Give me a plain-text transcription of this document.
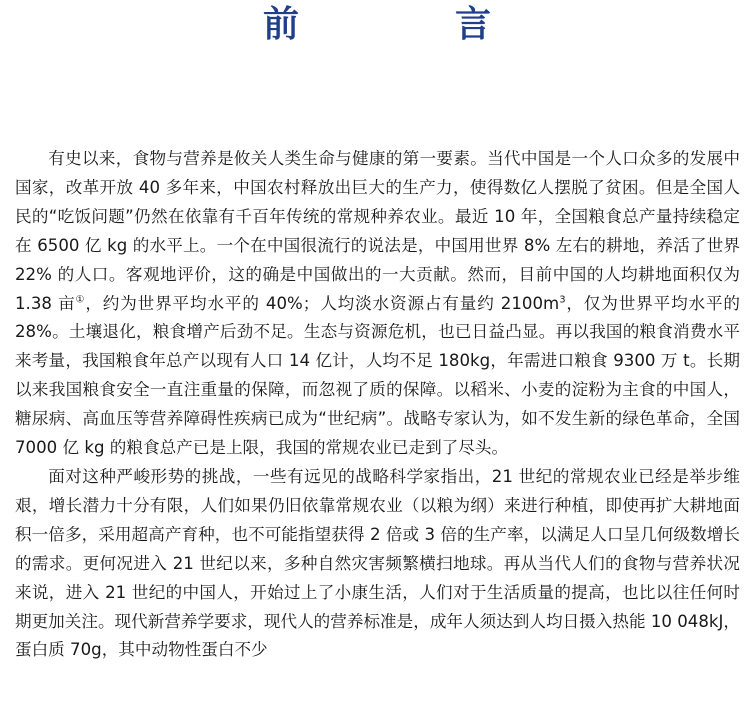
前　言

有史以来，食物与营养是攸关人类生命与健康的第一要素。当代中国是一个人口众多的发展中国家，改革开放 40 多年来，中国农村释放出巨大的生产力，使得数亿人摆脱了贫困。但是全国人民的“吃饭问题”仍然在依靠有千百年传统的常规种养农业。最近 10 年，全国粮食总产量持续稳定在 6500 亿 kg 的水平上。一个在中国很流行的说法是，中国用世界 8% 左右的耕地，养活了世界 22% 的人口。客观地评价，这的确是中国做出的一大贡献。然而，目前中国的人均耕地面积仅为 1.38 亩①，约为世界平均水平的 40%；人均淡水资源占有量约 $2100m^3$，仅为世界平均水平的 28%。土壤退化，粮食增产后劲不足。生态与资源危机，也已日益凸显。再以我国的粮食消费水平来考量，我国粮食年总产以现有人口 14 亿计，人均不足 180kg，年需进口粮食 9300 万 t。长期以来我国粮食安全一直注重量的保障，而忽视了质的保障。以稻米、小麦的淀粉为主食的中国人，糖尿病、高血压等营养障碍性疾病已成为“世纪病”。战略专家认为，如不发生新的绿色革命，全国 7000 亿 kg 的粮食总产已是上限，我国的常规农业已走到了尽头。

面对这种严峻形势的挑战，一些有远见的战略科学家指出，21 世纪的常规农业已经是举步维艰，增长潜力十分有限，人们如果仍旧依靠常规农业（以粮为纲）来进行种植，即使再扩大耕地面积一倍多，采用超高产育种，也不可能指望获得 2 倍或 3 倍的生产率，以满足人口呈几何级数增长的需求。更何况进入 21 世纪以来，多种自然灾害频繁横扫地球。再从当代人们的食物与营养状况来说，进入 21 世纪的中国人，开始过上了小康生活，人们对于生活质量的提高，也比以往任何时期更加关注。现代新营养学要求，现代人的营养标准是，成年人须达到人均日摄入热能 10 048kJ，蛋白质 70g，其中动物性蛋白不少
